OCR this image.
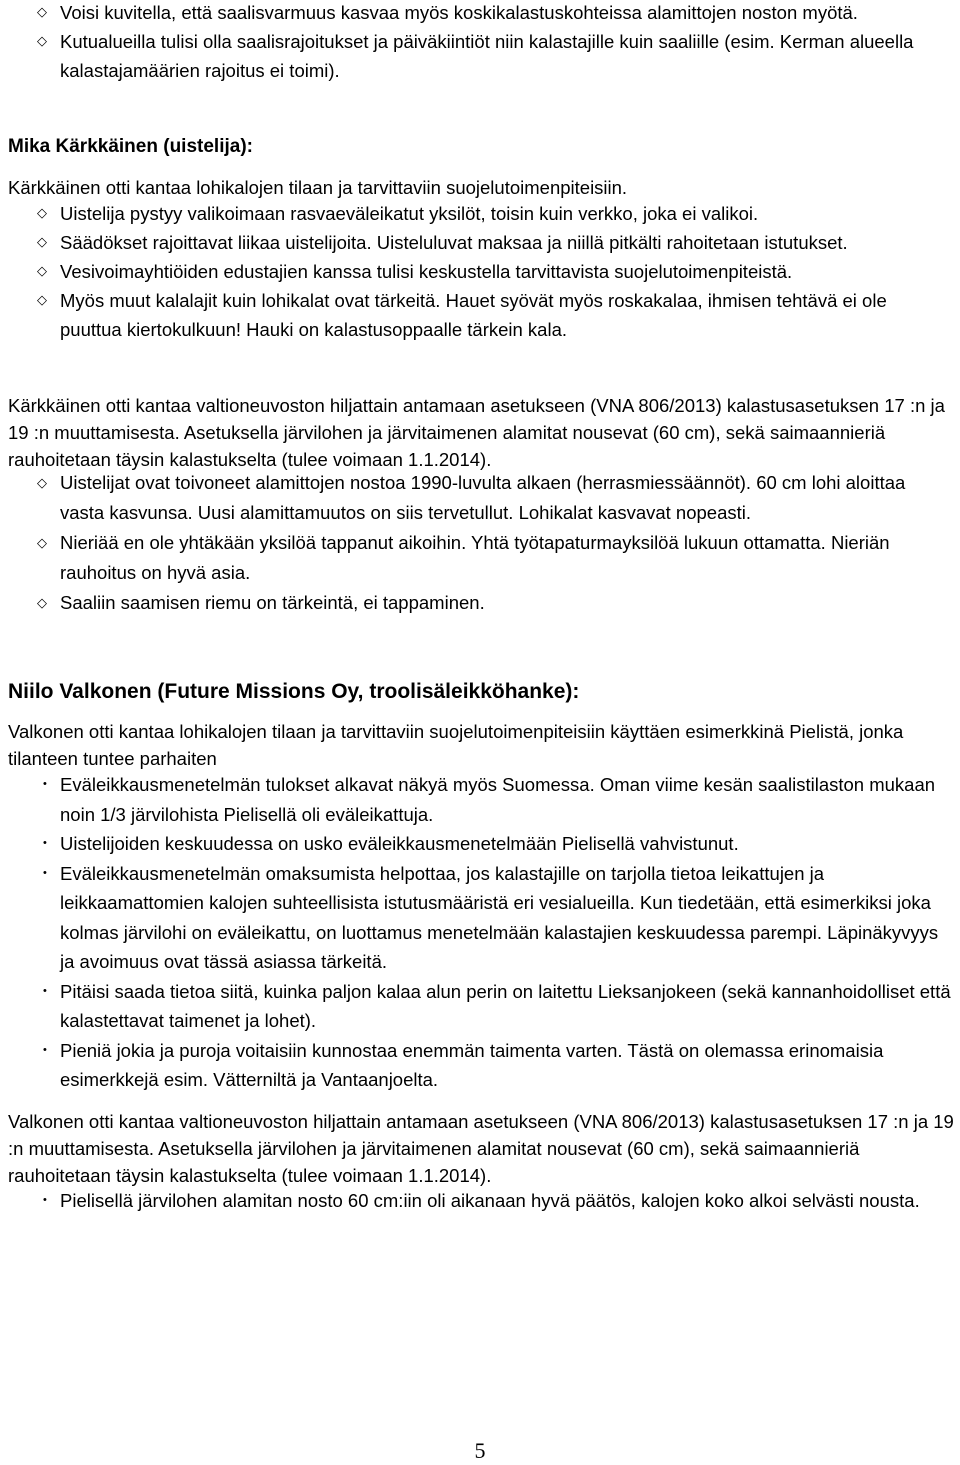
◇ Voisi kuvitella, että saalisvarmuus kasvaa myös koskikalastuskohteissa alamittojen noston myötä.
◇ Kutualueilla tulisi olla saalisrajoitukset ja päiväkiintiöt niin kalastajille kuin saaliille (esim. Kerman alueella kalastajamäärien rajoitus ei toimi).
Mika Kärkkäinen (uistelija):
Kärkkäinen otti kantaa lohikalojen tilaan ja tarvittaviin suojelutoimenpiteisiin.
◇ Uistelija pystyy valikoimaan rasvaeväleikatut yksilöt, toisin kuin verkko, joka ei valikoi.
◇ Säädökset rajoittavat liikaa uistelijoita. Uisteluluvat maksaa ja niillä pitkälti rahoitetaan istutukset.
◇ Vesivoimayhtiöiden edustajien kanssa tulisi keskustella tarvittavista suojelutoimenpiteistä.
◇ Myös muut kalalajit kuin lohikalat ovat tärkeitä. Hauet syövät myös roskakalaa, ihmisen tehtävä ei ole puuttua kiertokulkuun! Hauki on kalastusoppaalle tärkein kala.
Kärkkäinen otti kantaa valtioneuvoston hiljattain antamaan asetukseen (VNA 806/2013) kalastusasetuksen 17 :n ja 19 :n muuttamisesta. Asetuksella järvilohen ja järvitaimenen alamitat nousevat (60 cm), sekä saimaannieriä rauhoitetaan täysin kalastukselta (tulee voimaan 1.1.2014).
◇ Uistelijat ovat toivoneet alamittojen nostoa 1990-luvulta alkaen (herrasmiessäännöt). 60 cm lohi aloittaa vasta kasvunsa. Uusi alamittamuutos on siis tervetullut. Lohikalat kasvavat nopeasti.
◇ Nieriää en ole yhtäkään yksilöä tappanut aikoihin. Yhtä työtapaturmayksilöä lukuun ottamatta. Nieriän rauhoitus on hyvä asia.
◇ Saaliin saamisen riemu on tärkeintä, ei tappaminen.
Niilo Valkonen (Future Missions Oy, troolisäleikköhanke):
Valkonen otti kantaa lohikalojen tilaan ja tarvittaviin suojelutoimenpiteisiin käyttäen esimerkkinä Pielistä, jonka tilanteen tuntee parhaiten
• Eväleikkausmenetelmän tulokset alkavat näkyä myös Suomessa. Oman viime kesän saalistilaston mukaan noin 1/3 järvilohista Pielisellä oli eväleikattuja.
• Uistelijoiden keskuudessa on usko eväleikkausmenetelmään Pielisellä vahvistunut.
• Eväleikkausmenetelmän omaksumista helpottaa, jos kalastajille on tarjolla tietoa leikattujen ja leikkaamattomien kalojen suhteellisista istutusmääristä eri vesialueilla. Kun tiedetään, että esimerkiksi joka kolmas järvilohi on eväleikattu, on luottamus menetelmään kalastajien keskuudessa parempi. Läpinäkyvyys ja avoimuus ovat tässä asiassa tärkeitä.
• Pitäisi saada tietoa siitä, kuinka paljon kalaa alun perin on laitettu Lieksanjokeen (sekä kannanhoidolliset että kalastettavat taimenet ja lohet).
• Pieniä jokia ja puroja voitaisiin kunnostaa enemmän taimenta varten. Tästä on olemassa erinomaisia esimerkkejä esim. Vätterniltä ja Vantaanjoelta.
Valkonen otti kantaa valtioneuvoston hiljattain antamaan asetukseen (VNA 806/2013) kalastusasetuksen 17 :n ja 19 :n muuttamisesta. Asetuksella järvilohen ja järvitaimenen alamitat nousevat (60 cm), sekä saimaannieriä rauhoitetaan täysin kalastukselta (tulee voimaan 1.1.2014).
• Pielisellä järvilohen alamitan nosto 60 cm:iin oli aikanaan hyvä päätös, kalojen koko alkoi selvästi nousta.
5
